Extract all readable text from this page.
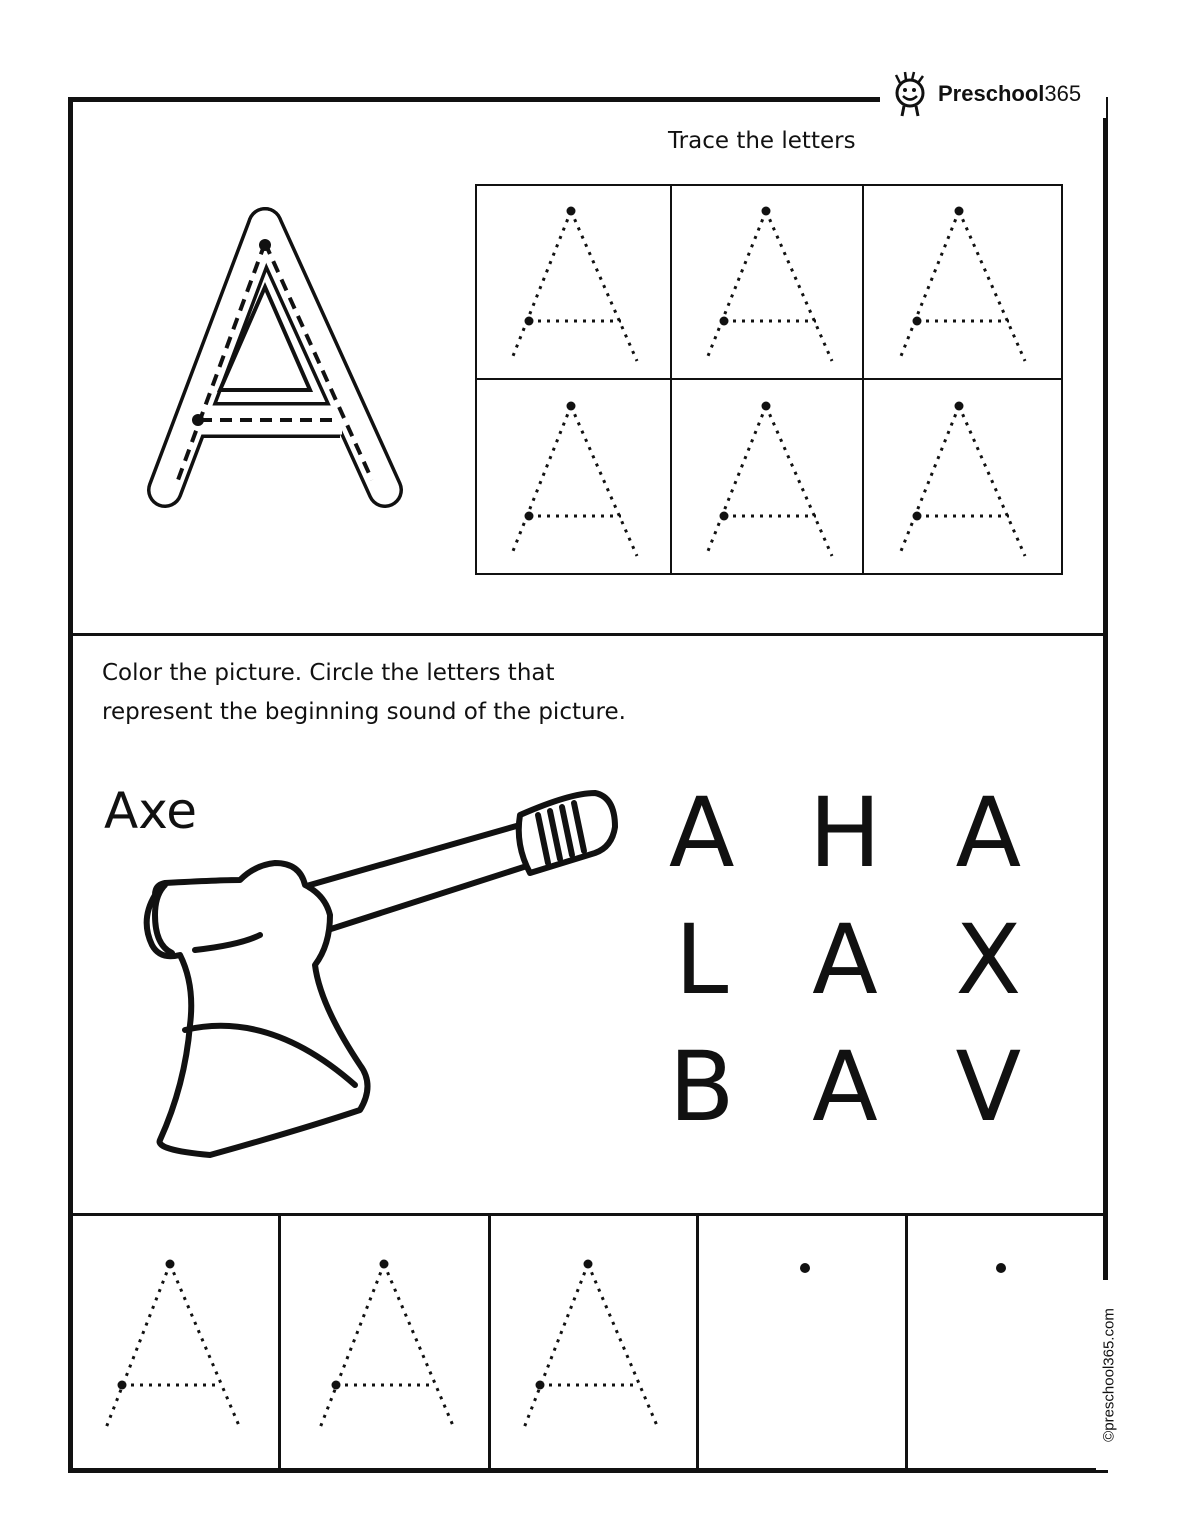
Preschool365
©preschool365.com
Trace the letters
Color the picture. Circle the letters that
represent the beginning sound of the picture.
Axe	A H A
L A X
B A V
